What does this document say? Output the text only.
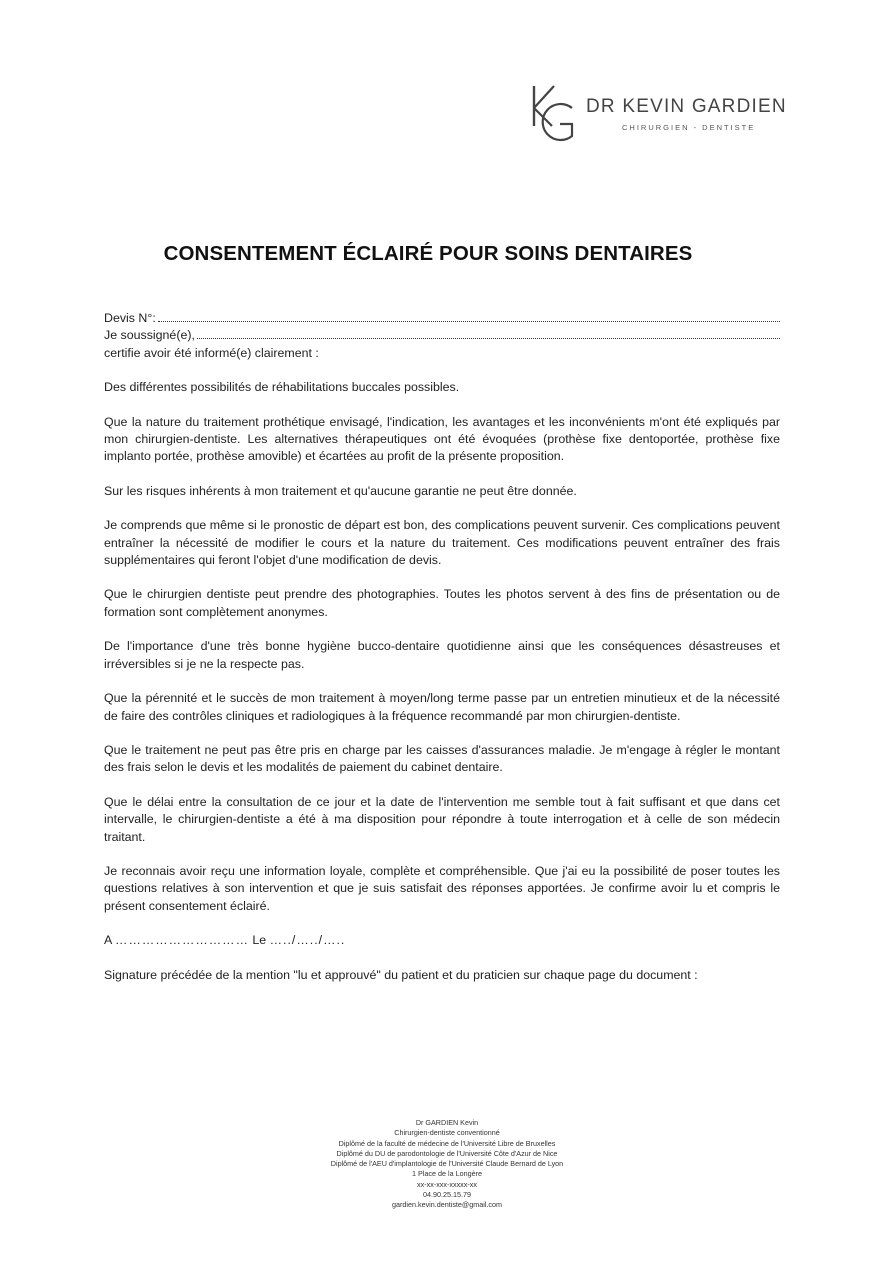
DR KEVIN GARDIEN
CHIRURGIEN - DENTISTE
CONSENTEMENT ÉCLAIRÉ POUR SOINS DENTAIRES
Devis N°:
Je soussigné(e),

certifie avoir été informé(e) clairement :

Des différentes possibilités de réhabilitations buccales possibles.

Que la nature du traitement prothétique envisagé, l'indication, les avantages et les inconvénients m'ont été expliqués par mon chirurgien-dentiste. Les alternatives thérapeutiques ont été évoquées (prothèse fixe dentoportée, prothèse fixe implanto portée, prothèse amovible) et écartées au profit de la présente proposition.

Sur les risques inhérents à mon traitement et qu'aucune garantie ne peut être donnée.

Je comprends que même si le pronostic de départ est bon, des complications peuvent survenir. Ces complications peuvent entraîner la nécessité de modifier le cours et la nature du traitement. Ces modifications peuvent entraîner des frais supplémentaires qui feront l'objet d'une modification de devis.

Que le chirurgien dentiste peut prendre des photographies. Toutes les photos servent à des fins de présentation ou de formation sont complètement anonymes.

De l'importance d'une très bonne hygiène bucco-dentaire quotidienne ainsi que les conséquences désastreuses et irréversibles si je ne la respecte pas.

Que la pérennité et le succès de mon traitement à moyen/long terme passe par un entretien minutieux et de la nécessité de faire des contrôles cliniques et radiologiques à la fréquence recommandé par mon chirurgien-dentiste.

Que le traitement ne peut pas être pris en charge par les caisses d'assurances maladie. Je m'engage à régler le montant des frais selon le devis et les modalités de paiement du cabinet dentaire.

Que le délai entre la consultation de ce jour et la date de l'intervention me semble tout à fait suffisant et que dans cet intervalle, le chirurgien-dentiste a été à ma disposition pour répondre à toute interrogation et à celle de son médecin traitant.

Je reconnais avoir reçu une information loyale, complète et compréhensible. Que j'ai eu la possibilité de poser toutes les questions relatives à son intervention et que je suis satisfait des réponses apportées. Je confirme avoir lu et compris le présent consentement éclairé.

A ………………………… Le …../…../…..

Signature précédée de la mention "lu et approuvé" du patient et du praticien sur chaque page du document :

Dr GARDIEN Kevin
Chirurgien-dentiste conventionné
Diplômé de la faculté de médecine de l'Université Libre de Bruxelles
Diplômé du DU de parodontologie de l'Université Côte d'Azur de Nice
Diplômé de l'AEU d'implantologie de l'Université Claude Bernard de Lyon
1 Place de la Longère
xx-xx-xxx-xxxxx-xx
04.90.25.15.79
gardien.kevin.dentiste@gmail.com
